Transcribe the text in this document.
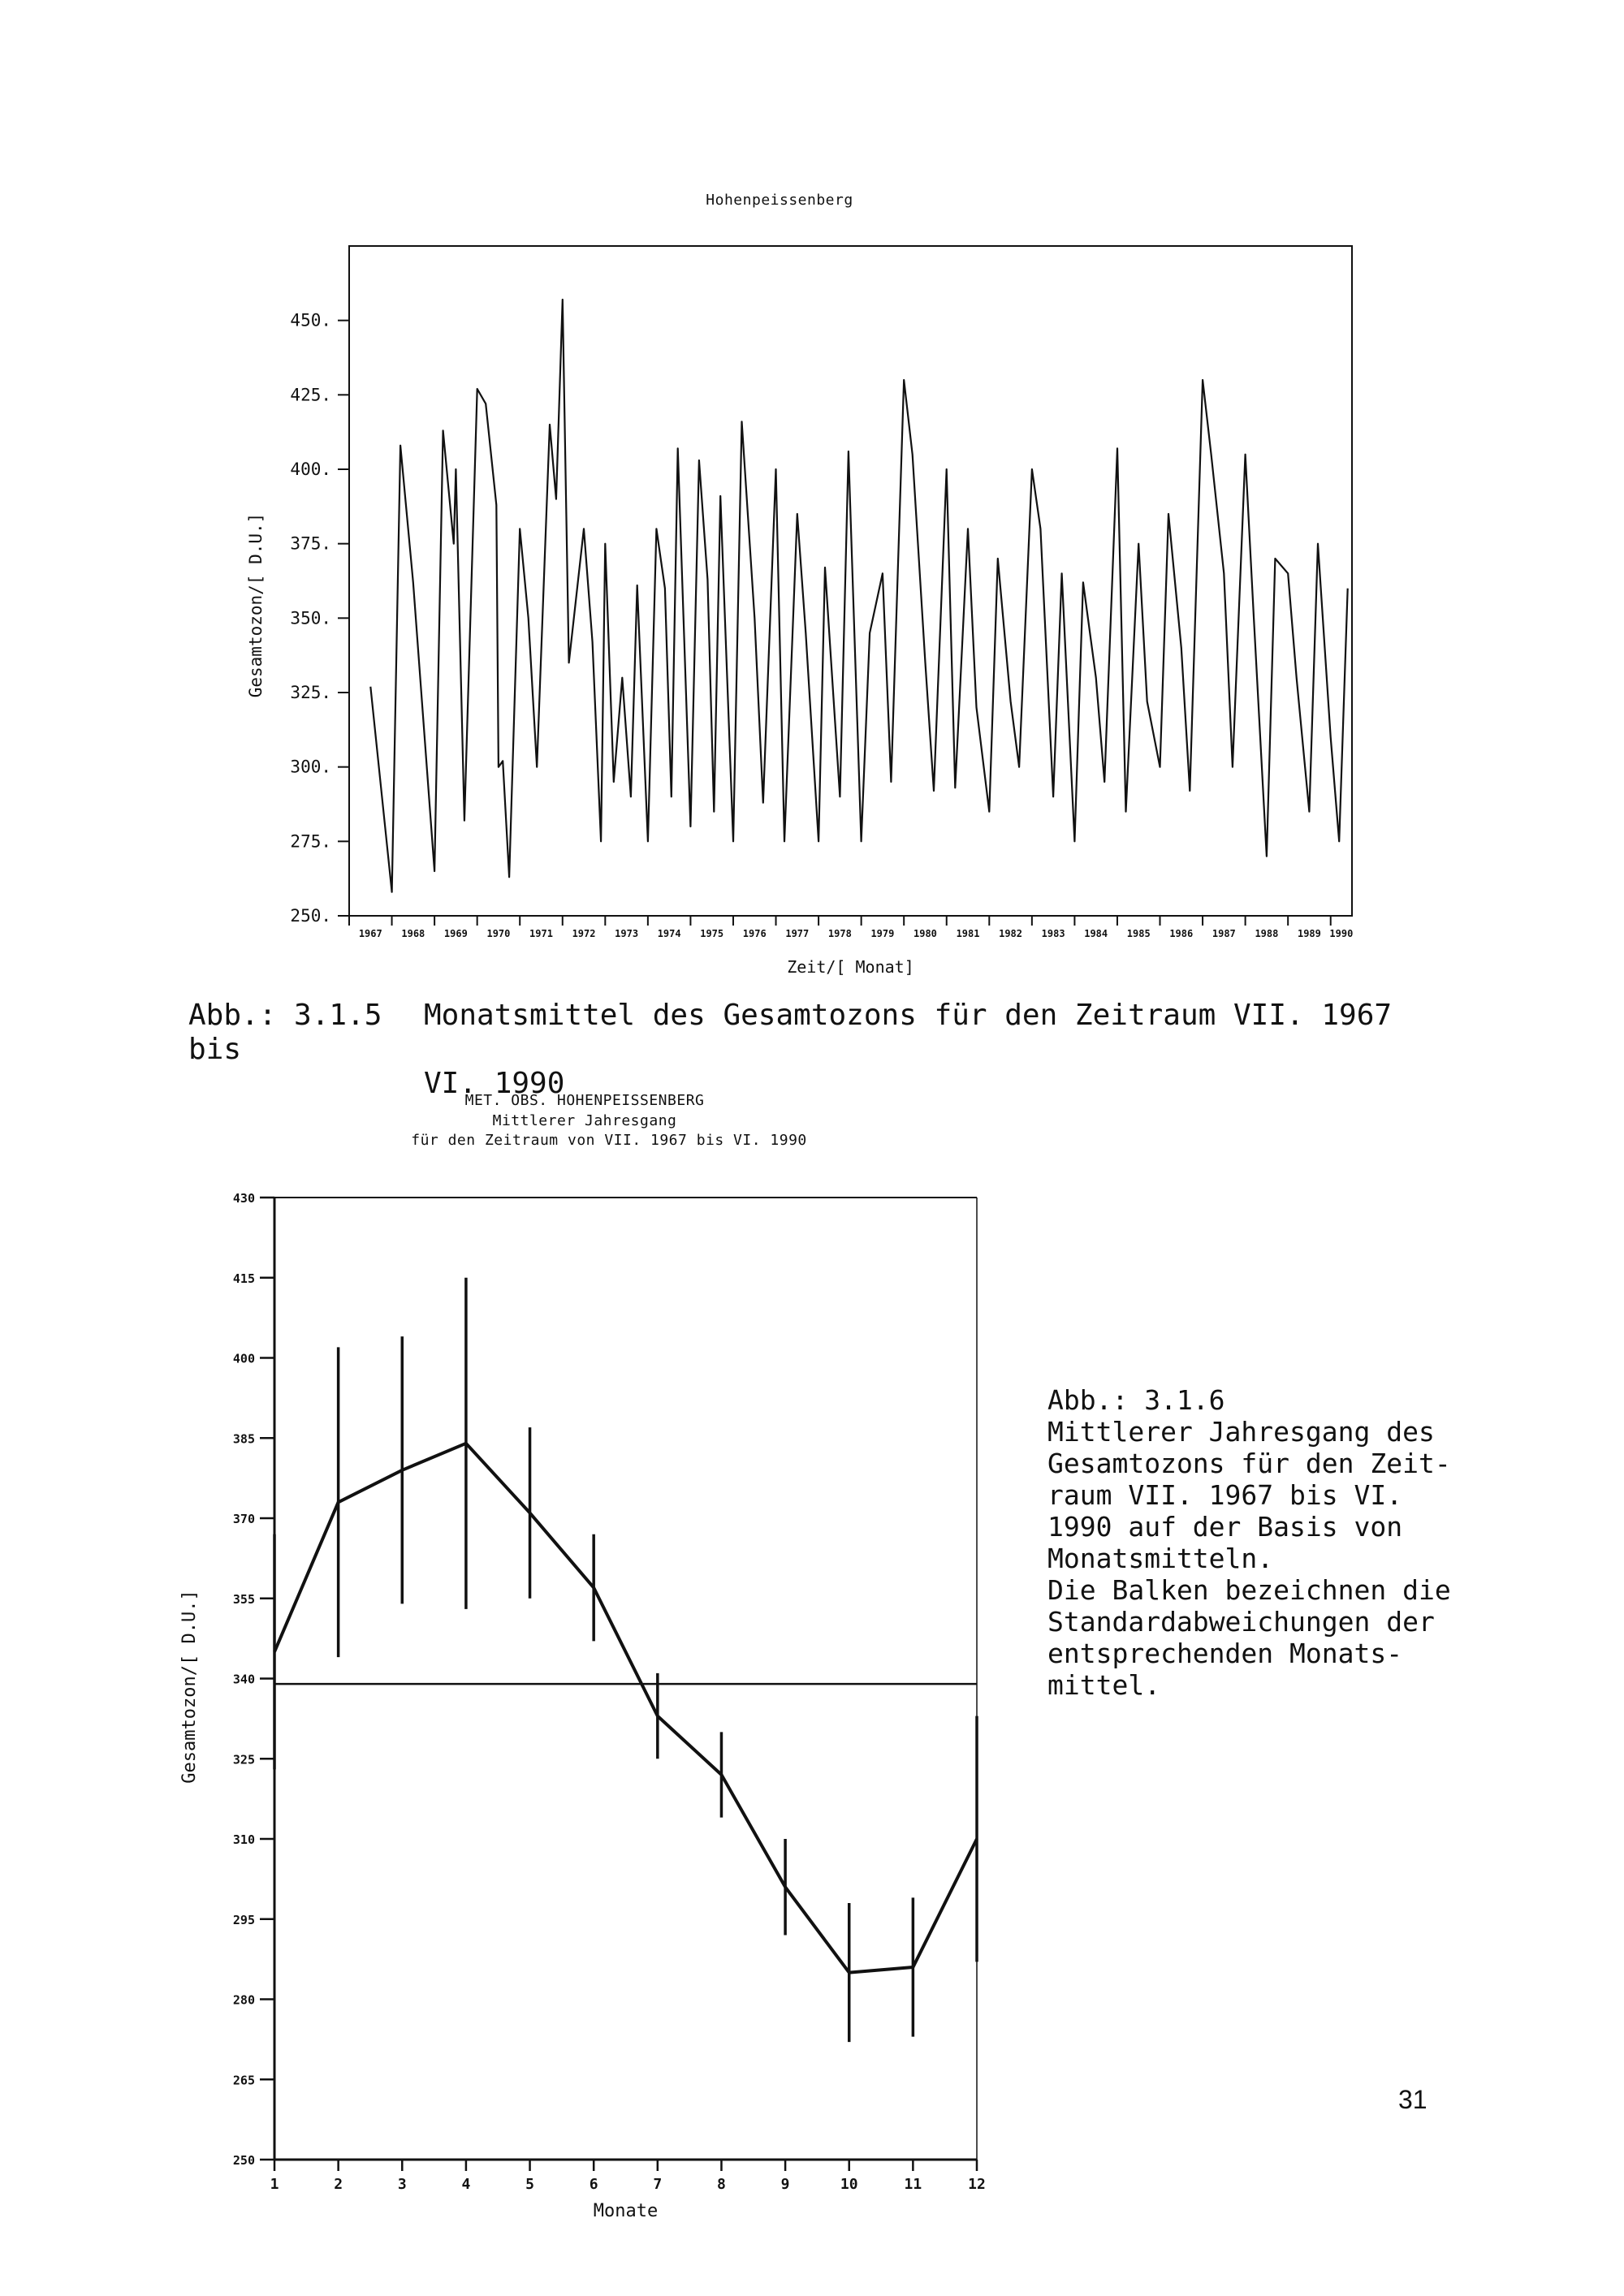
Hohenpeissenberg
250.
275.
300.
325.
350.
375.
400.
425.
450.
1967 1968 1969 1970 1971 1972 1973 1974 1975 1976 1977 1978 1979 1980 1981 1982 1983 1984 1985 1986 1987 1988 1989 1990
Zeit/[ Monat]
Gesamtozon/[ D.U.]
Abb.: 3.1.5 Monatsmittel des Gesamtozons für den Zeitraum VII. 1967 bis
VI. 1990
MET. OBS. HOHENPEISSENBERG
Mittlerer Jahresgang
für den Zeitraum von VII. 1967 bis VI. 1990
250
265
280
295
310
325
340
355
370
385
400
415
430
1	2	3	4	5	6	7	8	9	10	11	12
Monate
Gesamtozon/[ D.U.]
Abb.: 3.1.6
Mittlerer Jahresgang des
Gesamtozons für den Zeit-
raum VII. 1967 bis VI.
1990 auf der Basis von
Monatsmitteln.
Die Balken bezeichnen die
Standardabweichungen der
entsprechenden Monats-
mittel.
31
